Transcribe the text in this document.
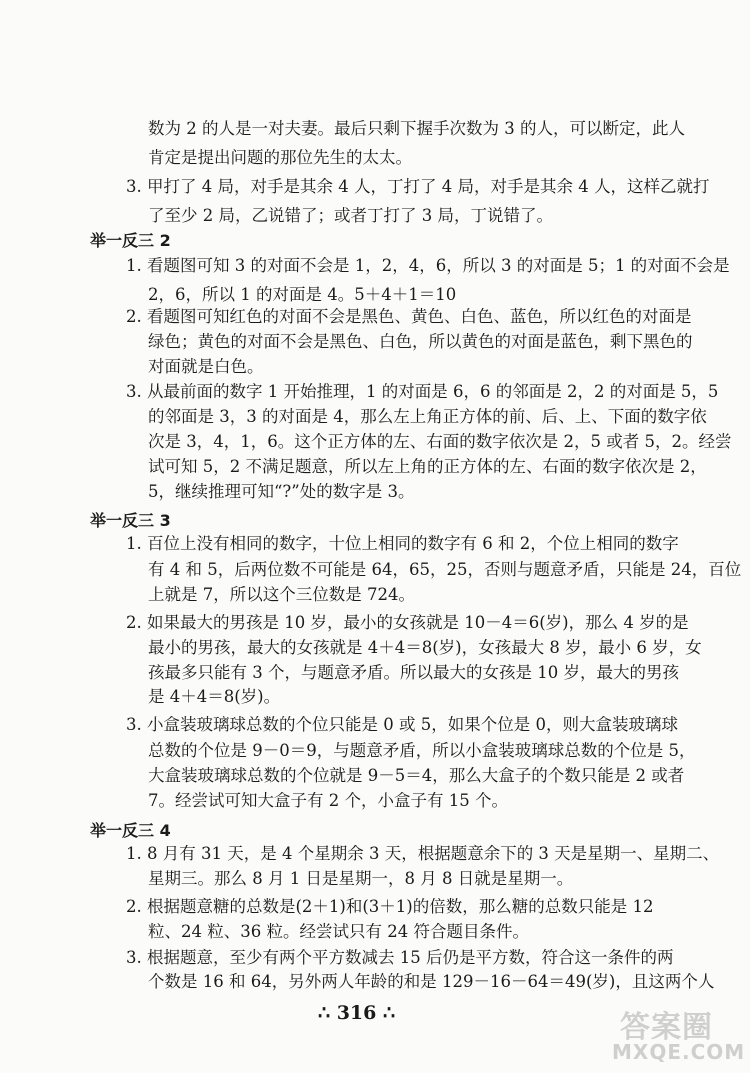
数为 2 的人是一对夫妻。最后只剩下握手次数为 3 的人，可以断定，此人
肯定是提出问题的那位先生的太太。
3. 甲打了 4 局，对手是其余 4 人，丁打了 4 局，对手是其余 4 人，这样乙就打
了至少 2 局，乙说错了；或者丁打了 3 局，丁说错了。
举一反三 2
1. 看题图可知 3 的对面不会是 1，2，4，6，所以 3 的对面是 5；1 的对面不会是
2，6，所以 1 的对面是 4。5＋4＋1＝10
2. 看题图可知红色的对面不会是黑色、黄色、白色、蓝色，所以红色的对面是
绿色；黄色的对面不会是黑色、白色，所以黄色的对面是蓝色，剩下黑色的
对面就是白色。
3. 从最前面的数字 1 开始推理，1 的对面是 6，6 的邻面是 2，2 的对面是 5，5
的邻面是 3，3 的对面是 4，那么左上角正方体的前、后、上、下面的数字依
次是 3，4，1，6。这个正方体的左、右面的数字依次是 2，5 或者 5，2。经尝
试可知 5，2 不满足题意，所以左上角的正方体的左、右面的数字依次是 2，
5，继续推理可知“?”处的数字是 3。
举一反三 3
1. 百位上没有相同的数字，十位上相同的数字有 6 和 2，个位上相同的数字
有 4 和 5，后两位数不可能是 64，65，25，否则与题意矛盾，只能是 24，百位
上就是 7，所以这个三位数是 724。
2. 如果最大的男孩是 10 岁，最小的女孩就是 10－4＝6(岁)，那么 4 岁的是
最小的男孩，最大的女孩就是 4＋4＝8(岁)，女孩最大 8 岁，最小 6 岁，女
孩最多只能有 3 个，与题意矛盾。所以最大的女孩是 10 岁，最大的男孩
是 4＋4＝8(岁)。
3. 小盒装玻璃球总数的个位只能是 0 或 5，如果个位是 0，则大盒装玻璃球
总数的个位是 9－0＝9，与题意矛盾，所以小盒装玻璃球总数的个位是 5，
大盒装玻璃球总数的个位就是 9－5＝4，那么大盒子的个数只能是 2 或者
7。经尝试可知大盒子有 2 个，小盒子有 15 个。
举一反三 4
1. 8 月有 31 天，是 4 个星期余 3 天，根据题意余下的 3 天是星期一、星期二、
星期三。那么 8 月 1 日是星期一，8 月 8 日就是星期一。
2. 根据题意糖的总数是(2＋1)和(3＋1)的倍数，那么糖的总数只能是 12
粒、24 粒、36 粒。经尝试只有 24 符合题目条件。
3. 根据题意，至少有两个平方数减去 15 后仍是平方数，符合这一条件的两
个数是 16 和 64，另外两人年龄的和是 129－16－64＝49(岁)，且这两个人
∴ 316 ∴	答案圈
MXQE.COM
